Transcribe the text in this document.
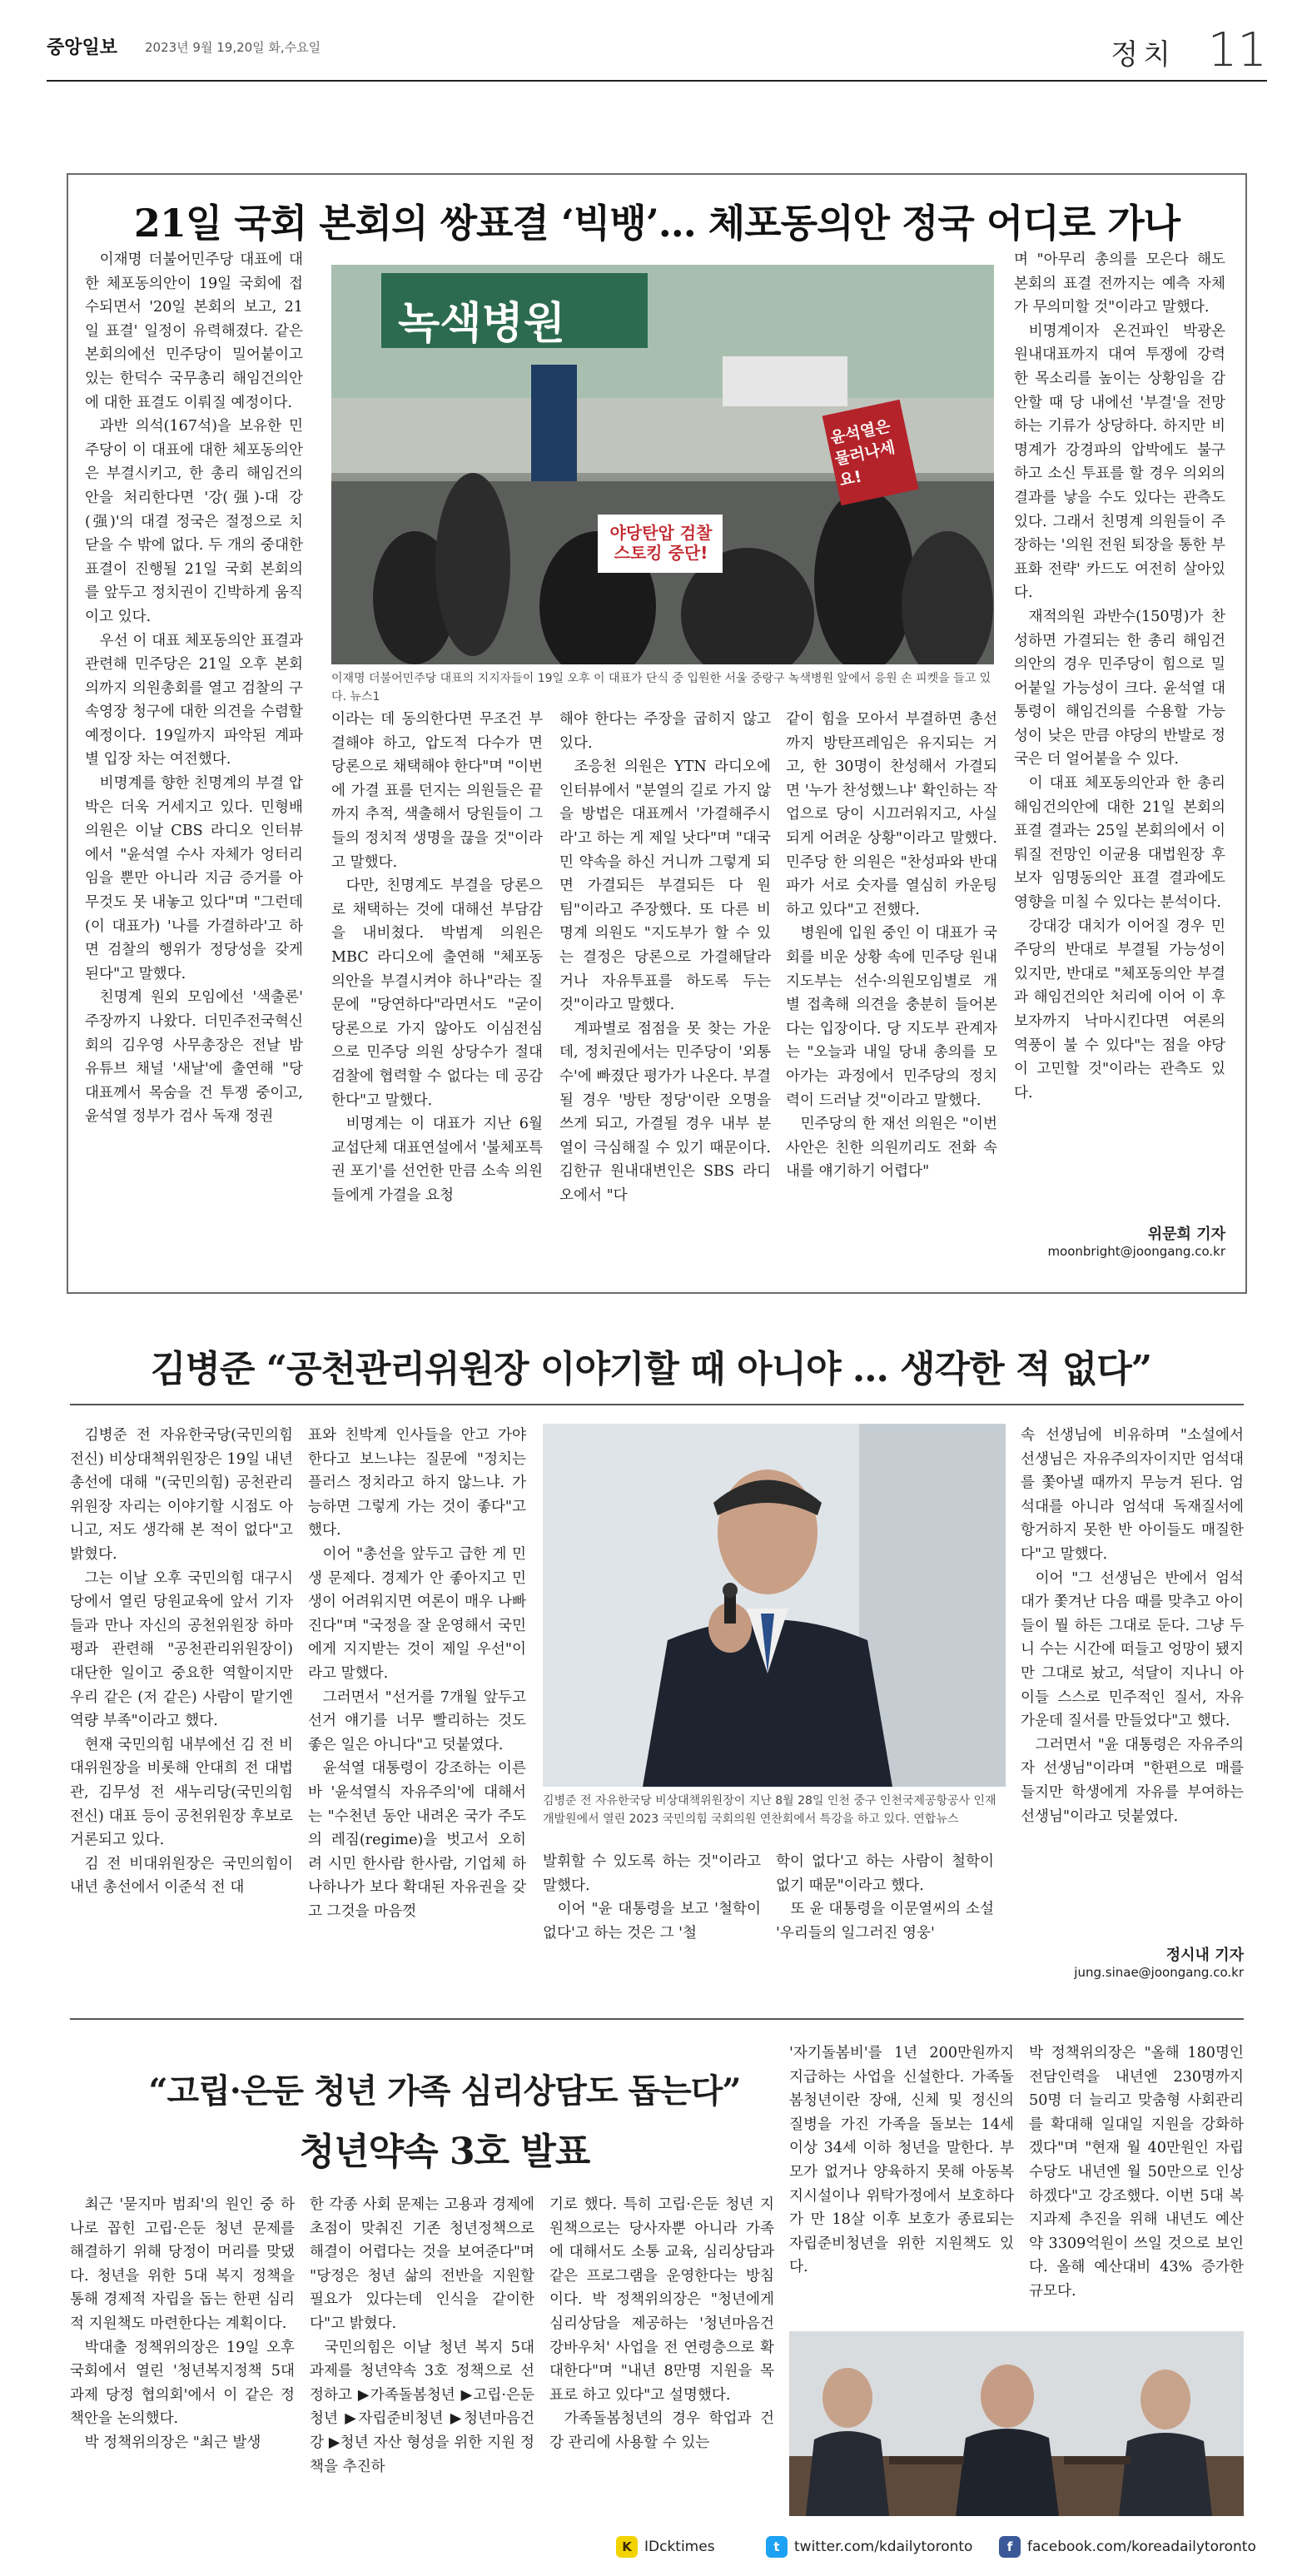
중앙일보 2023년 9월 19,20일 화,수요일	정치 11
21일 국회 본회의 쌍표결 ‘빅뱅’… 체포동의안 정국 어디로 가나

이재명 더불어민주당 대표에 대한 체포동의안이 19일 국회에 접수되면서 '20일 본회의 보고, 21일 표결' 일정이 유력해졌다. 같은 본회의에선 민주당이 밀어붙이고 있는 한덕수 국무총리 해임건의안에 대한 표결도 이뤄질 예정이다.

과반 의석(167석)을 보유한 민주당이 이 대표에 대한 체포동의안은 부결시키고, 한 총리 해임건의안을 처리한다면 '강(强)-대 강(强)'의 대결 정국은 절정으로 치닫을 수 밖에 없다. 두 개의 중대한 표결이 진행될 21일 국회 본회의를 앞두고 정치권이 긴박하게 움직이고 있다.

우선 이 대표 체포동의안 표결과 관련해 민주당은 21일 오후 본회의까지 의원총회를 열고 검찰의 구속영장 청구에 대한 의견을 수렴할 예정이다. 19일까지 파악된 계파별 입장 차는 여전했다.

비명계를 향한 친명계의 부결 압박은 더욱 거세지고 있다. 민형배 의원은 이날 CBS 라디오 인터뷰에서 "윤석열 수사 자체가 엉터리임을 뿐만 아니라 지금 증거를 아무것도 못 내놓고 있다"며 "그런데 (이 대표가) '나를 가결하라'고 하면 검찰의 행위가 정당성을 갖게 된다"고 말했다.

친명계 원외 모임에선 '색출론' 주장까지 나왔다. 더민주전국혁신회의 김우영 사무총장은 전날 밤 유튜브 채널 '새날'에 출연해 "당 대표께서 목숨을 건 투쟁 중이고, 윤석열 정부가 검사 독재 정권

녹색병원
야당탄압 검찰 스토킹 중단!
윤석열은 물러나세요!
이재명 더불어민주당 대표의 지지자들이 19일 오후 이 대표가 단식 중 입원한 서울 중랑구 녹색병원 앞에서 응원 손 피켓을 들고 있다. 뉴스1

이라는 데 동의한다면 무조건 부결해야 하고, 압도적 다수가 면 당론으로 채택해야 한다"며 "이번에 가결 표를 던지는 의원들은 끝까지 추적, 색출해서 당원들이 그들의 정치적 생명을 끊을 것"이라고 말했다.

다만, 친명계도 부결을 당론으로 채택하는 것에 대해선 부담감을 내비쳤다. 박범계 의원은 MBC 라디오에 출연해 "체포동의안을 부결시켜야 하나"라는 질문에 "당연하다"라면서도 "굳이 당론으로 가지 않아도 이심전심으로 민주당 의원 상당수가 절대 검찰에 협력할 수 없다는 데 공감한다"고 말했다.

비명계는 이 대표가 지난 6월 교섭단체 대표연설에서 '불체포특권 포기'를 선언한 만큼 소속 의원들에게 가결을 요청

해야 한다는 주장을 굽히지 않고 있다.

조응천 의원은 YTN 라디오에 인터뷰에서 "분열의 길로 가지 않을 방법은 대표께서 '가결해주시라'고 하는 게 제일 낫다"며 "대국민 약속을 하신 거니까 그렇게 되면 가결되든 부결되든 다 원 팀"이라고 주장했다. 또 다른 비명계 의원도 "지도부가 할 수 있는 결정은 당론으로 가결해달라거나 자유투표를 하도록 두는 것"이라고 말했다.

계파별로 점점을 못 찾는 가운데, 정치권에서는 민주당이 '외통수'에 빠졌단 평가가 나온다. 부결될 경우 '방탄 정당'이란 오명을 쓰게 되고, 가결될 경우 내부 분열이 극심해질 수 있기 때문이다. 김한규 원내대변인은 SBS 라디오에서 "다

같이 힘을 모아서 부결하면 총선까지 방탄프레임은 유지되는 거고, 한 30명이 찬성해서 가결되면 '누가 찬성했느냐' 확인하는 작업으로 당이 시끄러워지고, 사실 되게 어려운 상황"이라고 말했다. 민주당 한 의원은 "찬성파와 반대파가 서로 숫자를 열심히 카운팅하고 있다"고 전했다.

병원에 입원 중인 이 대표가 국회를 비운 상황 속에 민주당 원내지도부는 선수·의원모임별로 개별 접촉해 의견을 충분히 들어본다는 입장이다. 당 지도부 관계자는 "오늘과 내일 당내 총의를 모아가는 과정에서 민주당의 정치력이 드러날 것"이라고 말했다.

민주당의 한 재선 의원은 "이번 사안은 친한 의원끼리도 전화 속내를 얘기하기 어렵다"

며 "아무리 총의를 모은다 해도 본회의 표결 전까지는 예측 자체가 무의미할 것"이라고 말했다.

비명계이자 온건파인 박광온 원내대표까지 대여 투쟁에 강력한 목소리를 높이는 상황임을 감안할 때 당 내에선 '부결'을 전망하는 기류가 상당하다. 하지만 비명계가 강경파의 압박에도 불구하고 소신 투표를 할 경우 의외의 결과를 낳을 수도 있다는 관측도 있다. 그래서 친명계 의원들이 주장하는 '의원 전원 퇴장을 통한 부표화 전략' 카드도 여전히 살아있다.

재적의원 과반수(150명)가 찬성하면 가결되는 한 총리 해임건의안의 경우 민주당이 힘으로 밀어붙일 가능성이 크다. 윤석열 대통령이 해임건의를 수용할 가능성이 낮은 만큼 야당의 반발로 정국은 더 얼어붙을 수 있다.

이 대표 체포동의안과 한 총리 해임건의안에 대한 21일 본회의 표결 결과는 25일 본회의에서 이뤄질 전망인 이균용 대법원장 후보자 임명동의안 표결 결과에도 영향을 미칠 수 있다는 분석이다.

강대강 대치가 이어질 경우 민주당의 반대로 부결될 가능성이 있지만, 반대로 "체포동의안 부결과 해임건의안 처리에 이어 이 후보자까지 낙마시킨다면 여론의 역풍이 불 수 있다"는 점을 야당이 고민할 것"이라는 관측도 있다.

위문희 기자
moonbright@joongang.co.kr
김병준 “공천관리위원장 이야기할 때 아니야 … 생각한 적 없다”

김병준 전 자유한국당(국민의힘 전신) 비상대책위원장은 19일 내년 총선에 대해 "(국민의힘) 공천관리위원장 자리는 이야기할 시점도 아니고, 저도 생각해 본 적이 없다"고 밝혔다.

그는 이날 오후 국민의힘 대구시당에서 열린 당원교육에 앞서 기자들과 만나 자신의 공천위원장 하마평과 관련해 "공천관리위원장이) 대단한 일이고 중요한 역할이지만 우리 같은 (저 같은) 사람이 맡기엔 역량 부족"이라고 했다.

현재 국민의힘 내부에선 김 전 비대위원장을 비롯해 안대희 전 대법관, 김무성 전 새누리당(국민의힘 전신) 대표 등이 공천위원장 후보로 거론되고 있다.

김 전 비대위원장은 국민의힘이 내년 총선에서 이준석 전 대

표와 친박계 인사들을 안고 가야 한다고 보느냐는 질문에 "정치는 플러스 정치라고 하지 않느냐. 가능하면 그렇게 가는 것이 좋다"고 했다.

이어 "총선을 앞두고 급한 게 민생 문제다. 경제가 안 좋아지고 민생이 어려워지면 여론이 매우 나빠진다"며 "국정을 잘 운영해서 국민에게 지지받는 것이 제일 우선"이라고 말했다.

그러면서 "선거를 7개월 앞두고 선거 얘기를 너무 빨리하는 것도 좋은 일은 아니다"고 덧붙였다.

윤석열 대통령이 강조하는 이른바 '윤석열식 자유주의'에 대해서는 "수천년 동안 내려온 국가 주도의 레짐(regime)을 벗고서 오히려 시민 한사람 한사람, 기업체 하나하나가 보다 확대된 자유권을 갖고 그것을 마음껏

김병준 전 자유한국당 비상대책위원장이 지난 8월 28일 인천 중구 인천국제공항공사 인재개발원에서 열린 2023 국민의힘 국회의원 연찬회에서 특강을 하고 있다. 연합뉴스

발휘할 수 있도록 하는 것"이라고 말했다.

이어 "윤 대통령을 보고 '철학이 없다'고 하는 것은 그 '철

학이 없다'고 하는 사람이 철학이 없기 때문"이라고 했다.

또 윤 대통령을 이문열씨의 소설 '우리들의 일그러진 영웅'

속 선생님에 비유하며 "소설에서 선생님은 자유주의자이지만 엄석대를 쫓아낼 때까지 무능겨 된다. 엄석대를 아니라 엄석대 독재질서에 항거하지 못한 반 아이들도 매질한다"고 말했다.

이어 "그 선생님은 반에서 엄석대가 쫓겨난 다음 때를 맞추고 아이들이 뭘 하든 그대로 둔다. 그냥 두니 수는 시간에 떠들고 엉망이 됐지만 그대로 놨고, 석달이 지나니 아이들 스스로 민주적인 질서, 자유 가운데 질서를 만들었다"고 했다.

그러면서 "윤 대통령은 자유주의자 선생님"이라며 "한편으로 매를 들지만 학생에게 자유를 부여하는 선생님"이라고 덧붙였다.

정시내 기자
jung.sinae@joongang.co.kr
“고립·은둔 청년 가족 심리상담도 돕는다”
청년약속 3호 발표

최근 '묻지마 범죄'의 원인 중 하나로 꼽힌 고립·은둔 청년 문제를 해결하기 위해 당정이 머리를 맞댔다. 청년을 위한 5대 복지 정책을 통해 경제적 자립을 돕는 한편 심리적 지원책도 마련한다는 계획이다.

박대출 정책위의장은 19일 오후 국회에서 열린 '청년복지정책 5대과제 당정 협의회'에서 이 같은 정책안을 논의했다.

박 정책위의장은 "최근 발생

한 각종 사회 문제는 고용과 경제에 초점이 맞춰진 기존 청년정책으로 해결이 어렵다는 것을 보여준다"며 "당정은 청년 삶의 전반을 지원할 필요가 있다는데 인식을 같이한다"고 밝혔다.

국민의힘은 이날 청년 복지 5대 과제를 청년약속 3호 정책으로 선정하고 ▶가족돌봄청년 ▶고립·은둔청년 ▶자립준비청년 ▶청년마음건강 ▶청년 자산 형성을 위한 지원 정책을 추진하

기로 했다. 특히 고립·은둔 청년 지원책으로는 당사자뿐 아니라 가족에 대해서도 소통 교육, 심리상담과 같은 프로그램을 운영한다는 방침이다. 박 정책위의장은 "청년에게 심리상담을 제공하는 '청년마음건강바우처' 사업을 전 연령층으로 확대한다"며 "내년 8만명 지원을 목표로 하고 있다"고 설명했다.

가족돌봄청년의 경우 학업과 건강 관리에 사용할 수 있는

'자기돌봄비'를 1년 200만원까지 지급하는 사업을 신설한다. 가족돌봄청년이란 장애, 신체 및 정신의 질병을 가진 가족을 돌보는 14세 이상 34세 이하 청년을 말한다. 부모가 없거나 양육하지 못해 아동복지시설이나 위탁가정에서 보호하다가 만 18살 이후 보호가 종료되는 자립준비청년을 위한 지원책도 있 다.

박 정책위의장은 "올해 180명인 전담인력을 내년엔 230명까지 50명 더 늘리고 맞춤형 사회관리를 확대해 일대일 지원을 강화하겠다"며 "현재 월 40만원인 자립수당도 내년엔 월 50만으로 인상하겠다"고 강조했다. 이번 5대 복지과제 추진을 위해 내년도 예산 약 3309억원이 쓰일 것으로 보인다. 올해 예산대비 43% 증가한 규모다.

K IDcktimes	t	twitter.com/kdailytoronto	f	facebook.com/koreadailytoronto
